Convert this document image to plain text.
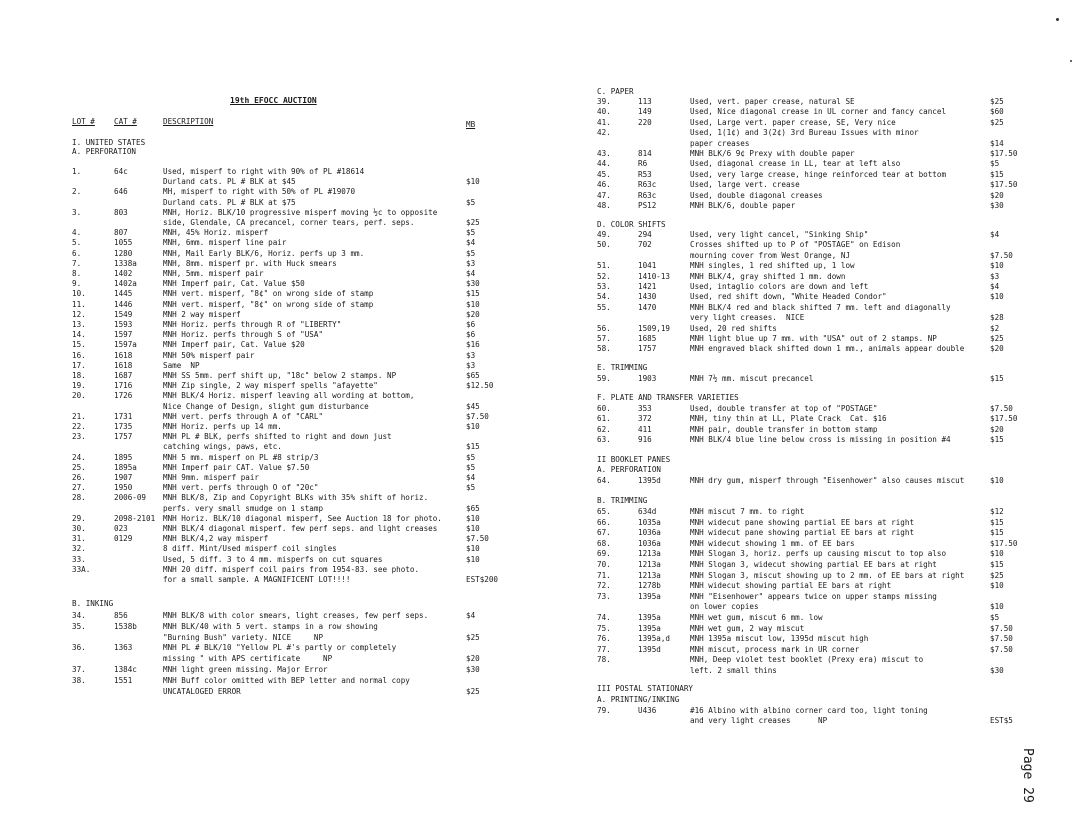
19th EFOCC AUCTION
LOT #	CAT #	DESCRIPTION	MB
I. UNITED STATES
A. PERFORATION
1.	64c	Used, misperf to right with 90% of PL #18614
Durland cats. PL # BLK at $45	$10
2.	646	MH, misperf to right with 50% of PL #19070
Durland cats. PL # BLK at $75	$5
3.	803	MNH, Horiz. BLK/10 progressive misperf moving ½c to opposite
side, Glendale, CA precancel, corner tears, perf. seps.	$25
4.	807	MNH, 45% Horiz. misperf	$5
5.	1055	MNH, 6mm. misperf line pair	$4
6.	1280	MNH, Mail Early BLK/6, Horiz. perfs up 3 mm.	$5
7.	1338a	MNH, 8mm. misperf pr. with Huck smears	$3
8.	1402	MNH, 5mm. misperf pair	$4
9.	1402a	MNH Imperf pair, Cat. Value $50	$30
10.	1445	MNH vert. misperf, "8¢" on wrong side of stamp	$15
11.	1446	MNH vert. misperf, "8¢" on wrong side of stamp	$10
12.	1549	MNH 2 way misperf	$20
13.	1593	MNH Horiz. perfs through R of "LIBERTY"	$6
14.	1597	MNH Horiz. perfs through S of "USA"	$6
15.	1597a	MNH Imperf pair, Cat. Value $20	$16
16.	1618	MNH 50% misperf pair	$3
17.	1618	Same  NP	$3
18.	1687	MNH SS 5mm. perf shift up, "18c" below 2 stamps. NP	$65
19.	1716	MNH Zip single, 2 way misperf spells "afayette"	$12.50
20.	1726	MNH BLK/4 Horiz. misperf leaving all wording at bottom,
Nice Change of Design, slight gum disturbance	$45
21.	1731	MNH vert. perfs through A of "CARL"	$7.50
22.	1735	MNH Horiz. perfs up 14 mm.	$10
23.	1757	MNH PL # BLK, perfs shifted to right and down just
catching wings, paws, etc.	$15
24.	1895	MNH 5 mm. misperf on PL #8 strip/3	$5
25.	1895a	MNH Imperf pair CAT. Value $7.50	$5
26.	1907	MNH 9mm. misperf pair	$4
27.	1950	MNH vert. perfs through O of "20c"	$5
28.	2006-09 MNH BLK/8, Zip and Copyright BLKs with 35% shift of horiz.
perfs. very small smudge on 1 stamp	$65
29.	2098-2101 MNH Horiz. BLK/10 diagonal misperf, See Auction 18 for photo.	$10
30.	023	MNH BLK/4 diagonal misperf. few perf seps. and light creases	$10
31.	0129	MNH BLK/4,2 way misperf	$7.50
32.	8 diff. Mint/Used misperf coil singles	$10
33.	Used, 5 diff. 3 to 4 mm. misperfs on cut squares	$10
33A.	MNH 20 diff. misperf coil pairs from 1954-83. see photo.
for a small sample. A MAGNIFICENT LOT!!!!	EST$200
B. INKING
34.	856	MNH BLK/8 with color smears, light creases, few perf seps.	$4
35.	1538b	MNH BLK/40 with 5 vert. stamps in a row showing
"Burning Bush" variety. NICE     NP	$25
36.	1363	MNH PL # BLK/10 "Yellow PL #'s partly or completely
missing " with APS certificate     NP	$20
37.	1384c	MNH light green missing. Major Error	$30
38.	1551	MNH Buff color omitted with BEP letter and normal copy
UNCATALOGED ERROR	$25
C. PAPER
39.	113	Used, vert. paper crease, natural SE	$25
40.	149	Used, Nice diagonal crease in UL corner and fancy cancel	$60
41.	220	Used, Large vert. paper crease, SE, Very nice	$25
42.	Used, 1(1¢) and 3(2¢) 3rd Bureau Issues with minor
paper creases	$14
43.	814	MNH BLK/6 9¢ Prexy with double paper	$17.50
44.	R6	Used, diagonal crease in LL, tear at left also	$5
45.	R53	Used, very large crease, hinge reinforced tear at bottom	$15
46.	R63c	Used, large vert. crease	$17.50
47.	R63c	Used, double diagonal creases	$20
48.	PS12	MNH BLK/6, double paper	$30
D. COLOR SHIFTS
49.	294	Used, very light cancel, "Sinking Ship"	$4
50.	702	Crosses shifted up to P of "POSTAGE" on Edison
mourning cover from West Orange, NJ	$7.50
51.	1041	MNH singles, 1 red shifted up, 1 low	$10
52.	1410-13	MNH BLK/4, gray shifted 1 mm. down	$3
53.	1421	Used, intaglio colors are down and left	$4
54.	1430	Used, red shift down, "White Headed Condor"	$10
55.	1470	MNH BLK/4 red and black shifted 7 mm. left and diagonally
very light creases.  NICE	$28
56.	1509,19	Used, 20 red shifts	$2
57.	1685	MNH light blue up 7 mm. with "USA" out of 2 stamps. NP	$25
58.	1757	MNH engraved black shifted down 1 mm., animals appear double	$20
E. TRIMMING
59.	1903	MNH 7½ mm. miscut precancel	$15
F. PLATE AND TRANSFER VARIETIES
60.	353	Used, double transfer at top of "POSTAGE"	$7.50
61.	372	MNH, tiny thin at LL, Plate Crack  Cat. $16	$17.50
62.	411	MNH pair, double transfer in bottom stamp	$20
63.	916	MNH BLK/4 blue line below cross is missing in position #4	$15
II BOOKLET PANES
A. PERFORATION
64.	1395d	MNH dry gum, misperf through "Eisenhower" also causes miscut	$10
B. TRIMMING
65.	634d	MNH miscut 7 mm. to right	$12
66.	1035a	MNH widecut pane showing partial EE bars at right	$15
67.	1036a	MNH widecut pane showing partial EE bars at right	$15
68.	1036a	MNH widecut showing 1 mm. of EE bars	$17.50
69.	1213a	MNH Slogan 3, horiz. perfs up causing miscut to top also	$10
70.	1213a	MNH Slogan 3, widecut showing partial EE bars at right	$15
71.	1213a	MNH Slogan 3, miscut showing up to 2 mm. of EE bars at right	$25
72.	1278b	MNH widecut showing partial EE bars at right	$10
73.	1395a	MNH "Eisenhower" appears twice on upper stamps missing
on lower copies	$10
74.	1395a	MNH wet gum, miscut 6 mm. low	$5
75.	1395a	MNH wet gum, 2 way miscut	$7.50
76.	1395a,d	MNH 1395a miscut low, 1395d miscut high	$7.50
77.	1395d	MNH miscut, process mark in UR corner	$7.50
78.	MNH, Deep violet test booklet (Prexy era) miscut to
left. 2 small thins	$30
III POSTAL STATIONARY
A. PRINTING/INKING
79.	U436	#16 Albino with albino corner card too, light toning
and very light creases      NP	EST$5
Page 29
